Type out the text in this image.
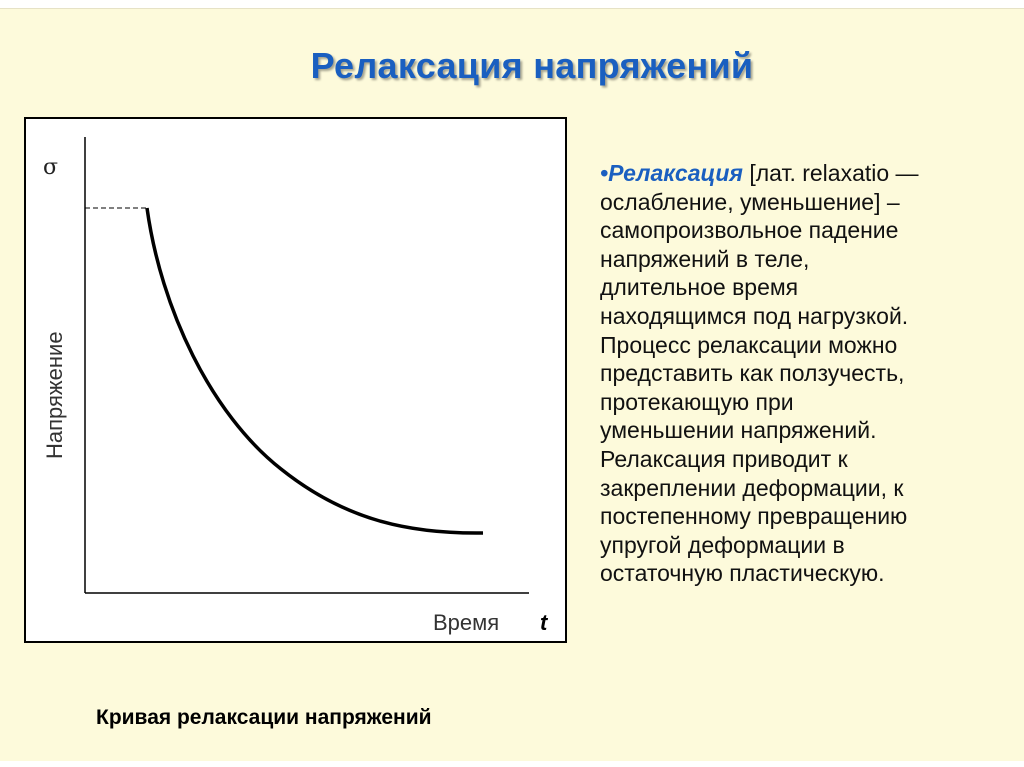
Релаксация напряжений
σ
Напряжение
Время t
Кривая релаксации напряжений
•Релаксация [лат. relaxatio —
ослабление, уменьшение] –
самопроизвольное падение
напряжений в теле,
длительное время
находящимся под нагрузкой.
Процесс релаксации можно
представить как ползучесть,
протекающую при
уменьшении напряжений.
Релаксация приводит к
закреплении деформации, к
постепенному превращению
упругой деформации в
остаточную пластическую.
